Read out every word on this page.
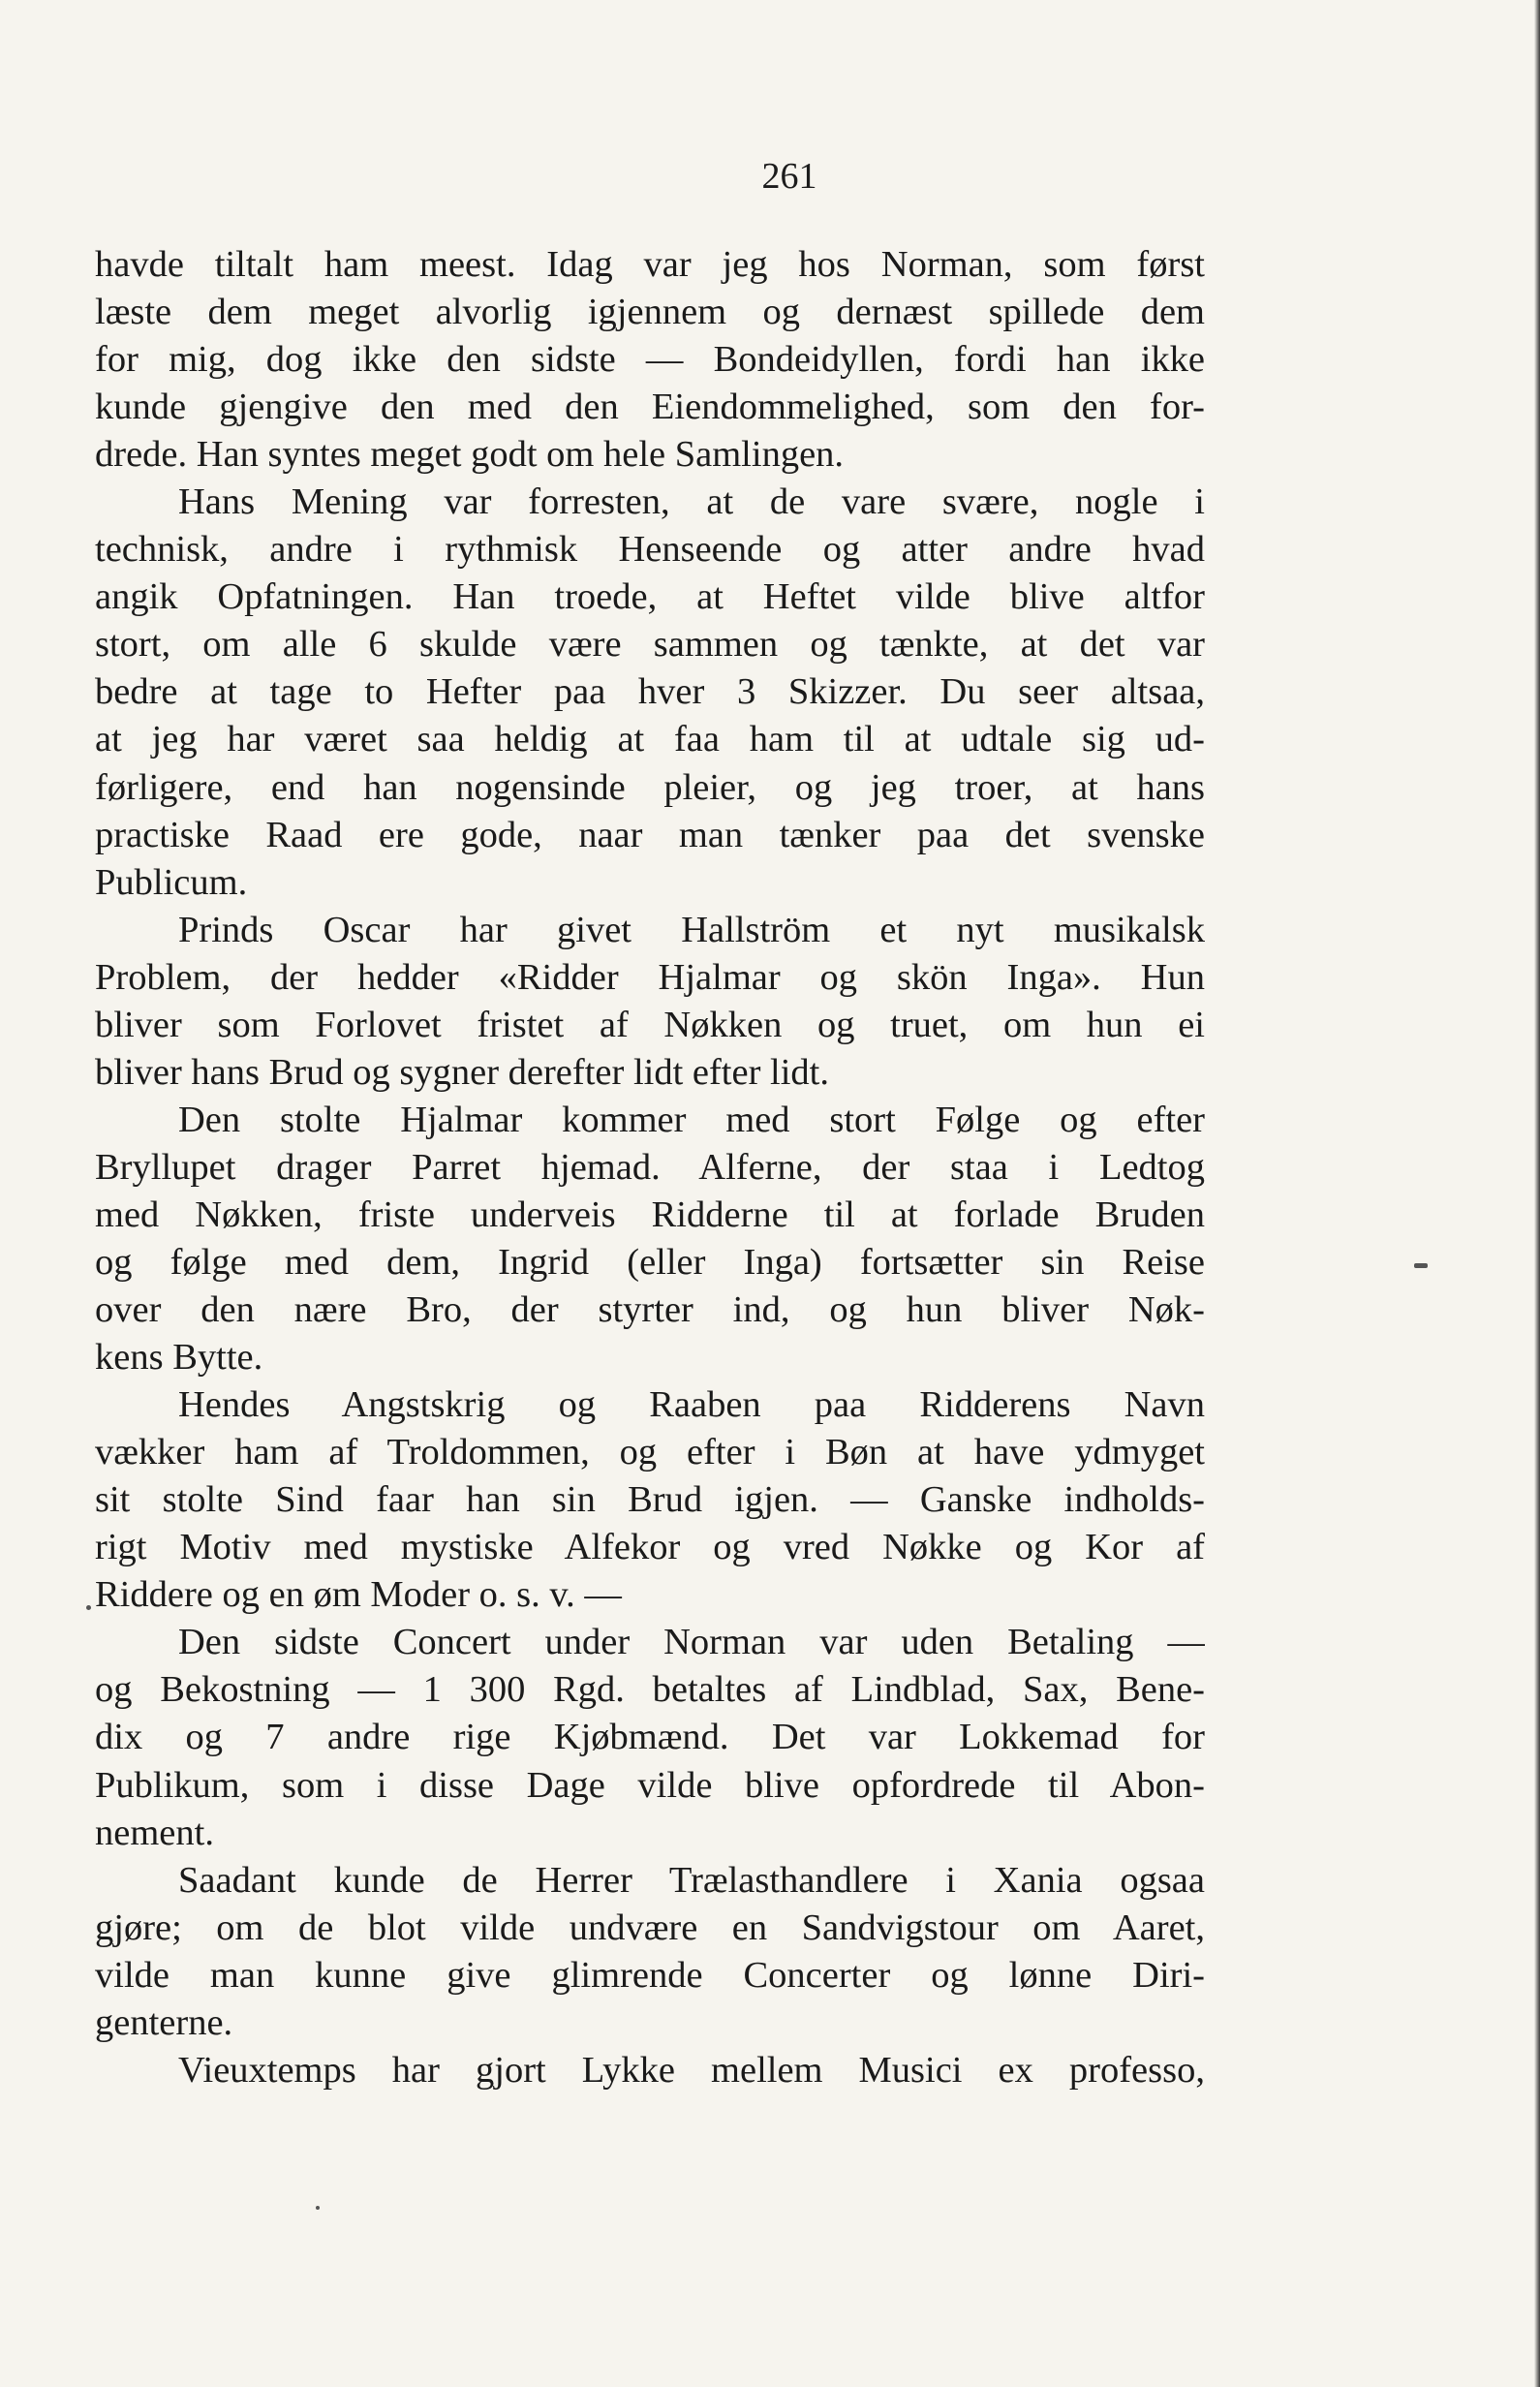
261
havde tiltalt ham meest. Idag var jeg hos Norman, som først
læste dem meget alvorlig igjennem og dernæst spillede dem
for mig, dog ikke den sidste — Bondeidyllen, fordi han ikke
kunde gjengive den med den Eiendommelighed, som den for-
drede. Han syntes meget godt om hele Samlingen.
Hans Mening var forresten, at de vare svære, nogle i
technisk, andre i rythmisk Henseende og atter andre hvad
angik Opfatningen. Han troede, at Heftet vilde blive altfor
stort, om alle 6 skulde være sammen og tænkte, at det var
bedre at tage to Hefter paa hver 3 Skizzer. Du seer altsaa,
at jeg har været saa heldig at faa ham til at udtale sig ud-
førligere, end han nogensinde pleier, og jeg troer, at hans
practiske Raad ere gode, naar man tænker paa det svenske
Publicum.
Prinds Oscar har givet Hallström et nyt musikalsk
Problem, der hedder «Ridder Hjalmar og skön Inga». Hun
bliver som Forlovet fristet af Nøkken og truet, om hun ei
bliver hans Brud og sygner derefter lidt efter lidt.
Den stolte Hjalmar kommer med stort Følge og efter
Bryllupet drager Parret hjemad. Alferne, der staa i Ledtog
med Nøkken, friste underveis Ridderne til at forlade Bruden
og følge med dem, Ingrid (eller Inga) fortsætter sin Reise
over den nære Bro, der styrter ind, og hun bliver Nøk-
kens Bytte.
Hendes Angstskrig og Raaben paa Ridderens Navn
vækker ham af Troldommen, og efter i Bøn at have ydmyget
sit stolte Sind faar han sin Brud igjen. — Ganske indholds-
rigt Motiv med mystiske Alfekor og vred Nøkke og Kor af
Riddere og en øm Moder o. s. v. —
Den sidste Concert under Norman var uden Betaling —
og Bekostning — 1 300 Rgd. betaltes af Lindblad, Sax, Bene-
dix og 7 andre rige Kjøbmænd. Det var Lokkemad for
Publikum, som i disse Dage vilde blive opfordrede til Abon-
nement.
Saadant kunde de Herrer Trælasthandlere i Xania ogsaa
gjøre; om de blot vilde undvære en Sandvigstour om Aaret,
vilde man kunne give glimrende Concerter og lønne Diri-
genterne.
Vieuxtemps har gjort Lykke mellem Musici ex professo,
